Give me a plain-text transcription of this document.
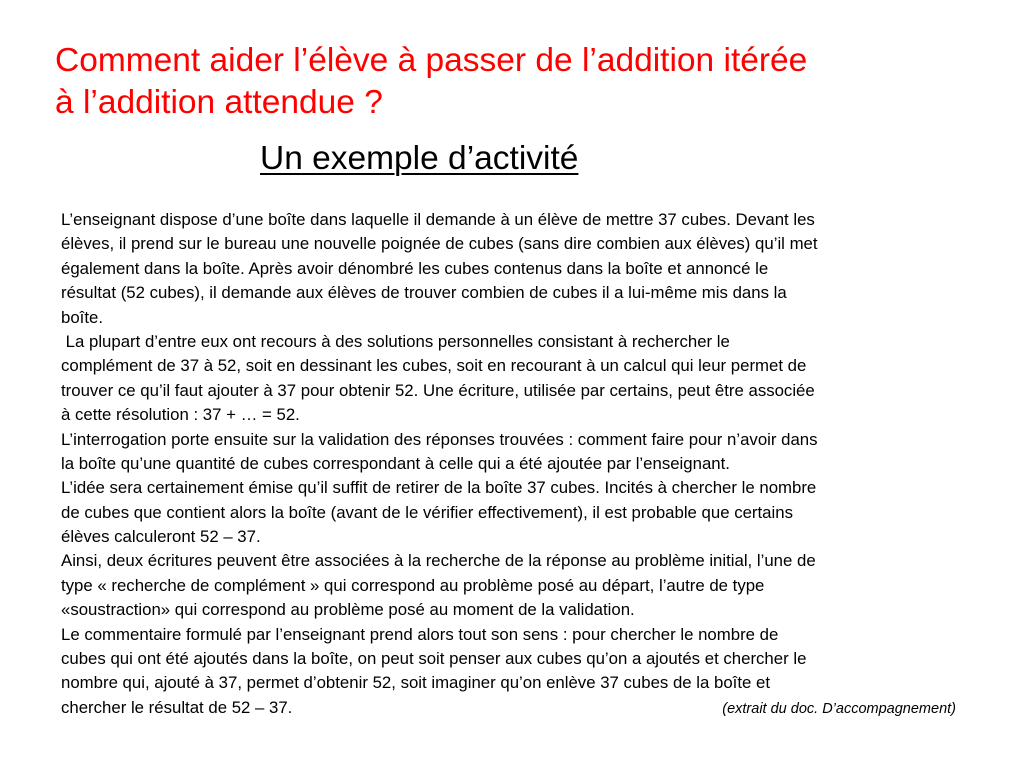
Comment aider l’élève à passer de l’addition itérée
à l’addition attendue ?
Un exemple d’activité
L’enseignant dispose d’une boîte dans laquelle il demande à un élève de mettre 37 cubes. Devant les
élèves, il prend sur le bureau une nouvelle poignée de cubes (sans dire combien aux élèves) qu’il met
également dans la boîte. Après avoir dénombré les cubes contenus dans la boîte et annoncé le
résultat (52 cubes), il demande aux élèves de trouver combien de cubes il a lui-même mis dans la
boîte.
La plupart d’entre eux ont recours à des solutions personnelles consistant à rechercher le
complément de 37 à 52, soit en dessinant les cubes, soit en recourant à un calcul qui leur permet de
trouver ce qu’il faut ajouter à 37 pour obtenir 52. Une écriture, utilisée par certains, peut être associée
à cette résolution : 37 + … = 52.
L’interrogation porte ensuite sur la validation des réponses trouvées : comment faire pour n’avoir dans
la boîte qu’une quantité de cubes correspondant à celle qui a été ajoutée par l’enseignant.
L’idée sera certainement émise qu’il suffit de retirer de la boîte 37 cubes. Incités à chercher le nombre
de cubes que contient alors la boîte (avant de le vérifier effectivement), il est probable que certains
élèves calculeront 52 – 37.
Ainsi, deux écritures peuvent être associées à la recherche de la réponse au problème initial, l’une de
type « recherche de complément » qui correspond au problème posé au départ, l’autre de type
«soustraction» qui correspond au problème posé au moment de la validation.
Le commentaire formulé par l’enseignant prend alors tout son sens : pour chercher le nombre de
cubes qui ont été ajoutés dans la boîte, on peut soit penser aux cubes qu’on a ajoutés et chercher le
nombre qui, ajouté à 37, permet d’obtenir 52, soit imaginer qu’on enlève 37 cubes de la boîte et
chercher le résultat de 52 – 37.	(extrait du doc. D’accompagnement)
